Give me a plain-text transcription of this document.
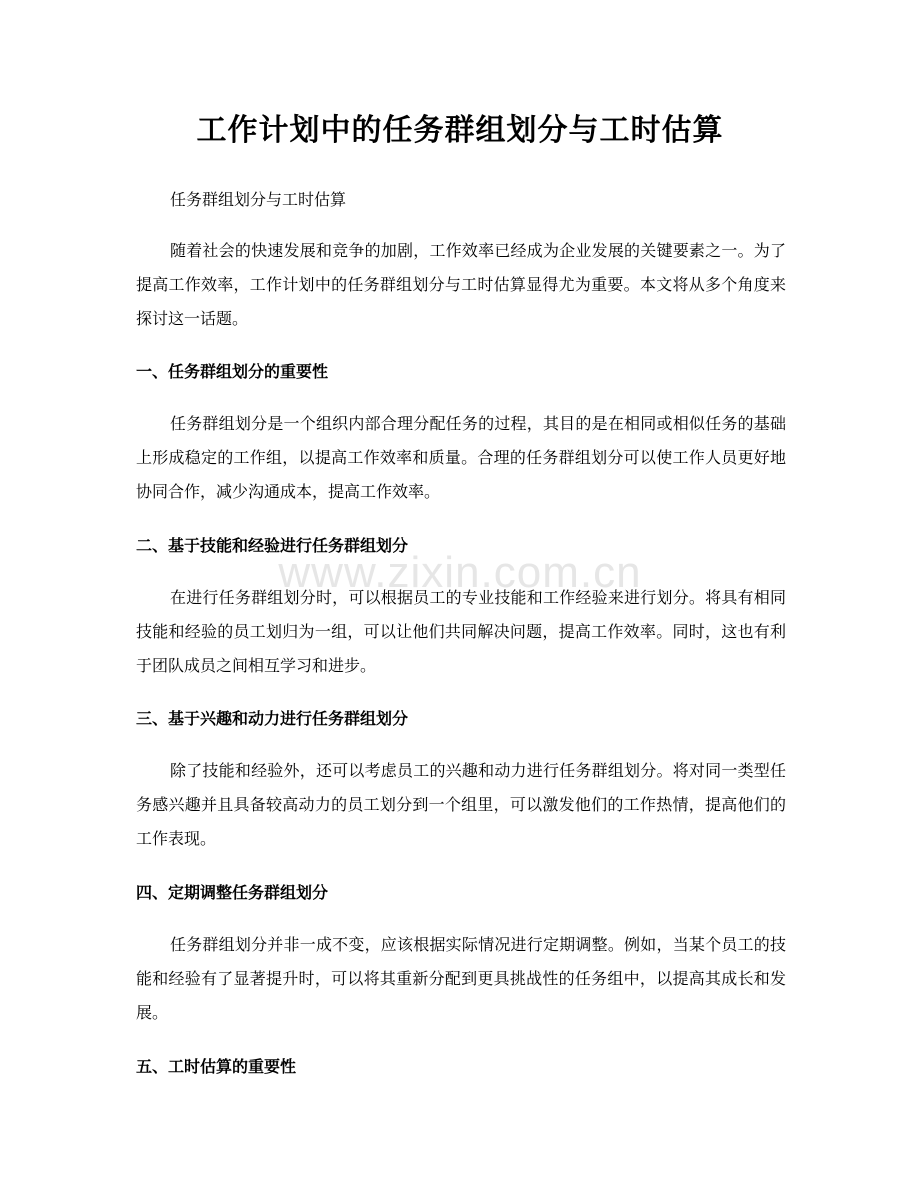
www.zixin.com.cn
工作计划中的任务群组划分与工时估算

任务群组划分与工时估算

随着社会的快速发展和竞争的加剧，工作效率已经成为企业发展的关键要素之一。为了提高工作效率，工作计划中的任务群组划分与工时估算显得尤为重要。本文将从多个角度来探讨这一话题。

一、任务群组划分的重要性

任务群组划分是一个组织内部合理分配任务的过程，其目的是在相同或相似任务的基础上形成稳定的工作组，以提高工作效率和质量。合理的任务群组划分可以使工作人员更好地协同合作，减少沟通成本，提高工作效率。

二、基于技能和经验进行任务群组划分

在进行任务群组划分时，可以根据员工的专业技能和工作经验来进行划分。将具有相同技能和经验的员工划归为一组，可以让他们共同解决问题，提高工作效率。同时，这也有利于团队成员之间相互学习和进步。

三、基于兴趣和动力进行任务群组划分

除了技能和经验外，还可以考虑员工的兴趣和动力进行任务群组划分。将对同一类型任务感兴趣并且具备较高动力的员工划分到一个组里，可以激发他们的工作热情，提高他们的工作表现。

四、定期调整任务群组划分

任务群组划分并非一成不变，应该根据实际情况进行定期调整。例如，当某个员工的技能和经验有了显著提升时，可以将其重新分配到更具挑战性的任务组中，以提高其成长和发展。

五、工时估算的重要性
